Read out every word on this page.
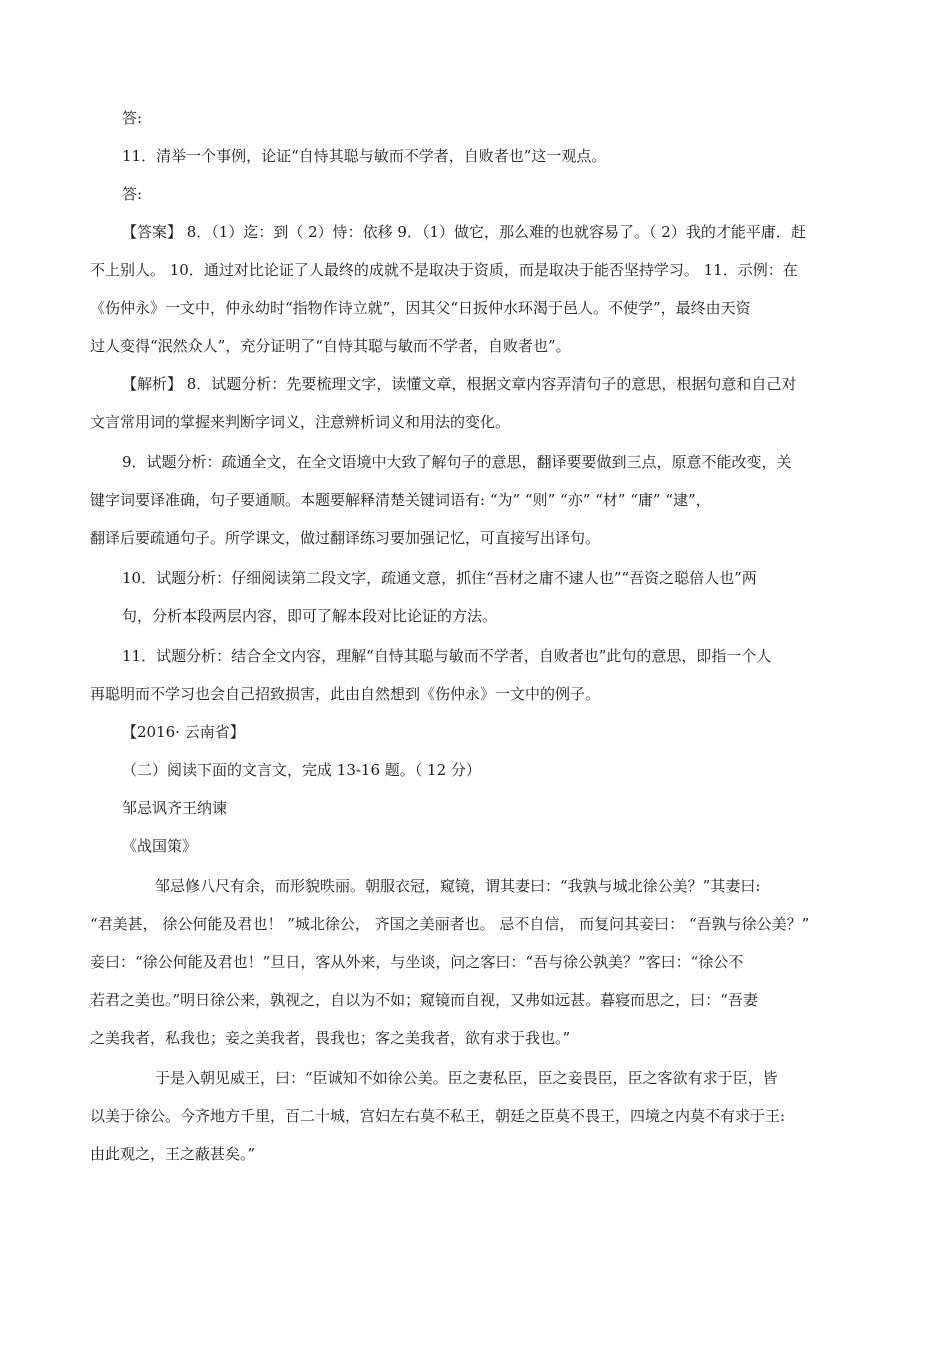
答:
11．清举一个事例，论证“自恃其聪与敏而不学者，自败者也”这一观点。
答:
【答案】 8．（1）迄：到（ 2）恃：依移 9．（1）做它，那么难的也就容易了。（ 2）我的才能平庸．赶
不上别人。 10．通过对比论证了人最终的成就不是取决于资质，而是取决于能否坚持学习。 11．示例：在
《伤仲永》一文中，仲永幼时“指物作诗立就”，因其父“日扳仲水环渴于邑人。不使学”，最终由天资
过人变得“泯然众人”，充分证明了“自恃其聪与敏而不学者，自败者也”。
【解析】 8．试题分析：先要梳理文字，读懂文章，根据文章内容弄清句子的意思，根据句意和自己对
文言常用词的掌握来判断字词义，注意辨析词义和用法的变化。
9．试题分析：疏通全文，在全文语境中大致了解句子的意思，翻译要要做到三点，原意不能改变，关
键字词要译准确，句子要通顺。本题要解释清楚关键词语有: “为” “则” “亦” “材” “庸” “逮”，
翻译后要疏通句子。所学课文，做过翻译练习要加强记忆，可直接写出译句。
10．试题分析：仔细阅读第二段文字，疏通文意，抓住“吾材之庸不逮人也”“吾资之聪倍人也”两
句，分析本段两层内容，即可了解本段对比论证的方法。
11．试题分析：结合全文内容，理解“自恃其聪与敏而不学者，自败者也”此句的意思，即指一个人
再聪明而不学习也会自己招致损害，此由自然想到《伤仲永》一文中的例子。
【2016· 云南省】
（二）阅读下面的文言文，完成 13-16 题。（ 12 分）
邹忌讽齐王纳谏
《战国策》
邹忌修八尺有余，而形貌昳丽。朝服衣冠，窥镜，谓其妻曰：“我孰与城北徐公美？”其妻曰:
“君美甚， 徐公何能及君也！ ”城北徐公， 齐国之美丽者也。 忌不自信， 而复问其妾曰： “吾孰与徐公美？”
妾曰：“徐公何能及君也！”旦日，客从外来，与坐谈，问之客曰：“吾与徐公孰美？”客曰：“徐公不
若君之美也。”明日徐公来，孰视之，自以为不如；窥镜而自视，又弗如远甚。暮寝而思之，曰：“吾妻
之美我者，私我也；妾之美我者，畏我也；客之美我者，欲有求于我也。”
于是入朝见威王，曰：“臣诚知不如徐公美。臣之妻私臣，臣之妾畏臣，臣之客欲有求于臣，皆
以美于徐公。今齐地方千里，百二十城，宫妇左右莫不私王，朝廷之臣莫不畏王，四境之内莫不有求于王:
由此观之，王之蔽甚矣。”
